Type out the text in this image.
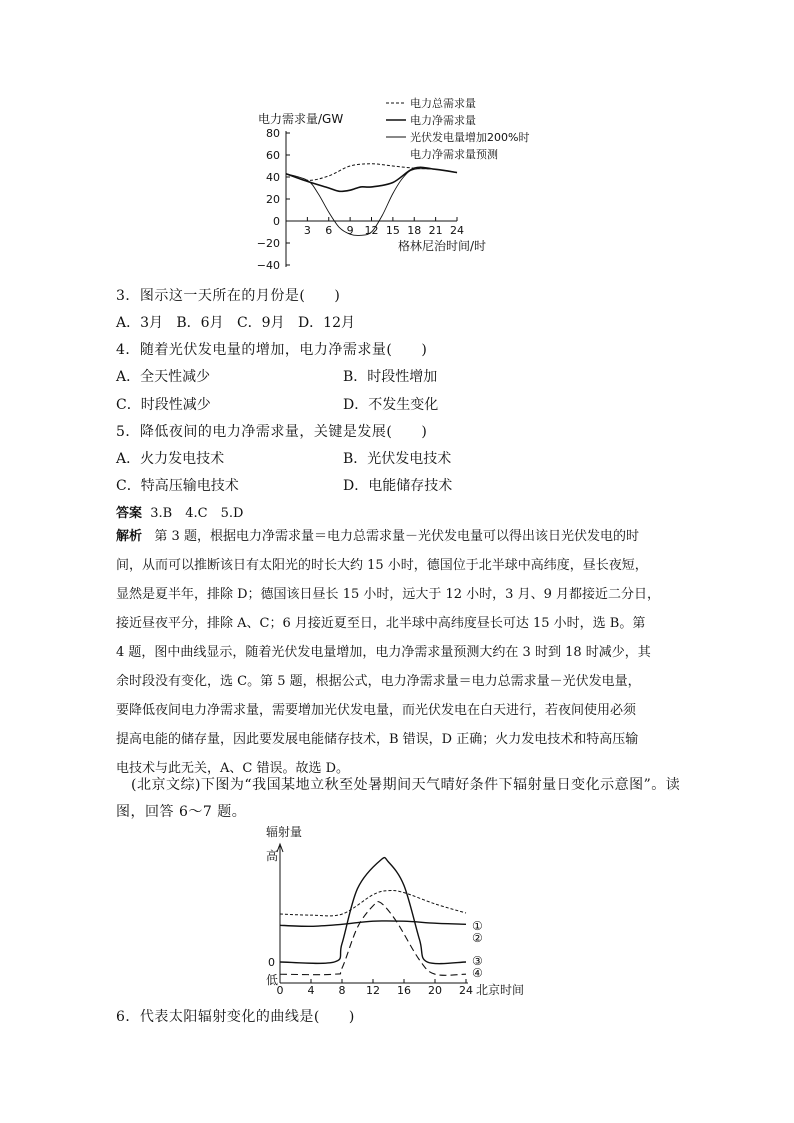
80
60
40
20
0
−20
−40
3 6 9 12 15 18 21 24
电力需求量/GW
格林尼治时间/时
电力总需求量
电力净需求量
光伏发电量增加200%时
电力净需求量预测
3．图示这一天所在的月份是(　　)
A．3月 B．6月 C．9月 D．12月
4．随着光伏发电量的增加，电力净需求量(　　)
A．全天性减少	B．时段性增加
C．时段性减少	D．不发生变化
5．降低夜间的电力净需求量，关键是发展(　　)
A．火力发电技术	B．光伏发电技术
C．特高压输电技术	D．电能储存技术
答案 3.B　4.C　5.D
解析 第 3 题，根据电力净需求量＝电力总需求量－光伏发电量可以得出该日光伏发电的时
间，从而可以推断该日有太阳光的时长大约 15 小时，德国位于北半球中高纬度，昼长夜短，
显然是夏半年，排除 D；德国该日昼长 15 小时，远大于 12 小时，3 月、9 月都接近二分日，
接近昼夜平分，排除 A、C；6 月接近夏至日，北半球中高纬度昼长可达 15 小时，选 B。第
4 题，图中曲线显示，随着光伏发电量增加，电力净需求量预测大约在 3 时到 18 时减少，其
余时段没有变化，选 C。第 5 题，根据公式，电力净需求量＝电力总需求量－光伏发电量，
要降低夜间电力净需求量，需要增加光伏发电量，而光伏发电在白天进行，若夜间使用必须
提高电能的储存量，因此要发展电能储存技术，B 错误，D 正确；火力发电技术和特高压输
电技术与此无关，A、C 错误。故选 D。
(北京文综)下图为“我国某地立秋至处暑期间天气晴好条件下辐射量日变化示意图”。读
图，回答 6～7 题。
0 4 8 12 16 20 24 北京时间
辐射量
高
0
低
①
②
③
④
6．代表太阳辐射变化的曲线是(　　)
